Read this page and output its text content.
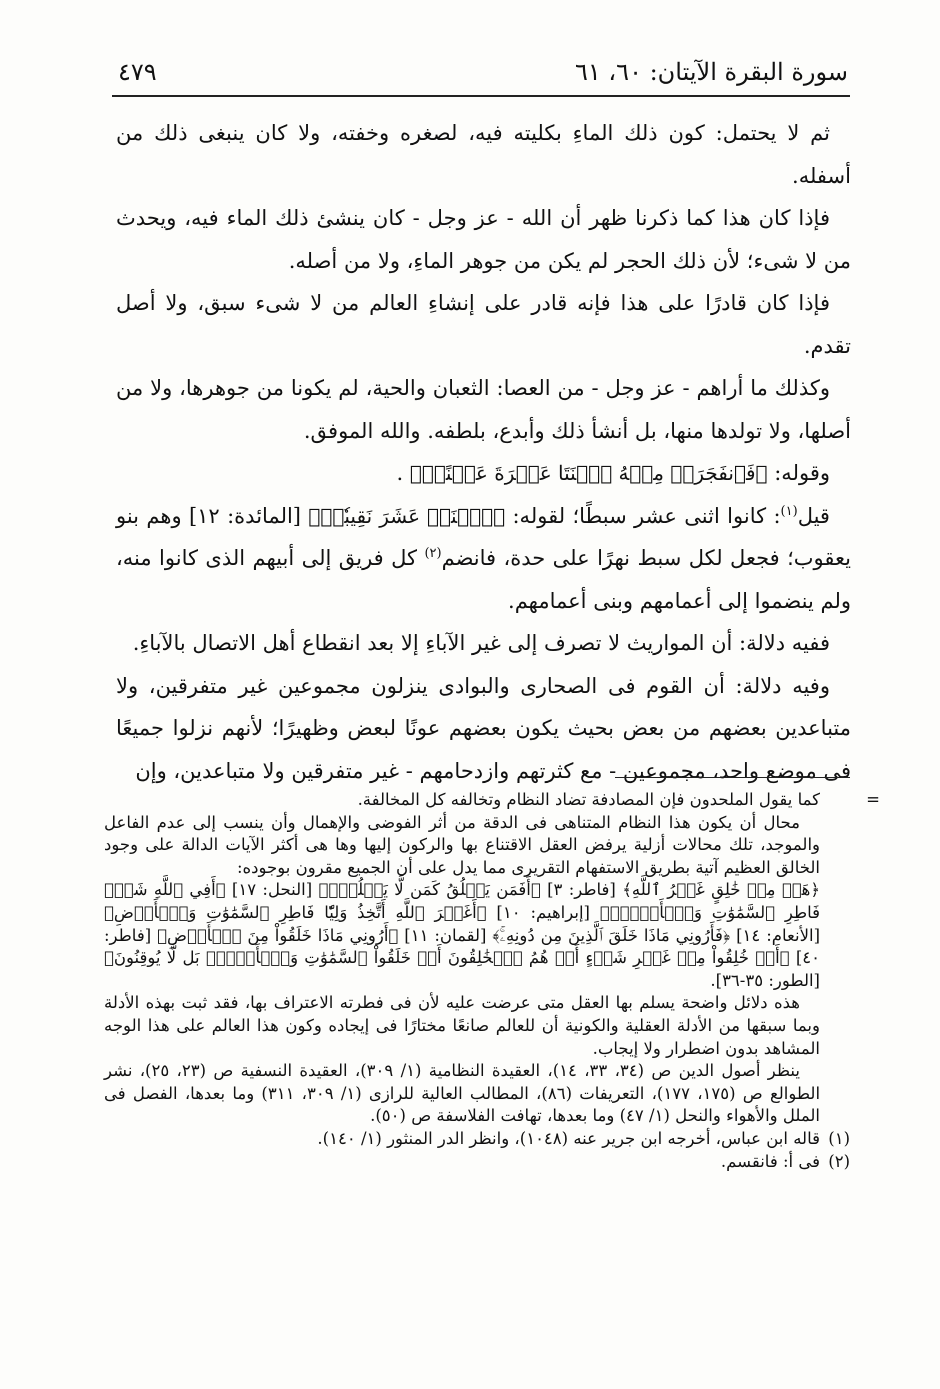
سورة البقرة الآيتان: ٦٠، ٦١
٤٧٩

ثم لا يحتمل: كون ذلك الماءِ بكليته فيه، لصغره وخفته، ولا كان ينبغى ذلك من أسفله.

فإذا كان هذا كما ذكرنا ظهر أن الله - عز وجل - كان ينشئ ذلك الماء فيه، ويحدث من لا شىء؛ لأن ذلك الحجر لم يكن من جوهر الماءِ، ولا من أصله.

فإذا كان قادرًا على هذا فإنه قادر على إنشاءِ العالم من لا شىء سبق، ولا أصل تقدم.

وكذلك ما أراهم - عز وجل - من العصا: الثعبان والحية، لم يكونا من جوهرها، ولا من أصلها، ولا تولدها منها، بل أنشأ ذلك وأبدع، بلطفه. والله الموفق.

وقوله: ﴿فَٱنفَجَرَتۡ مِنۡهُ ٱثۡنَتَا عَشۡرَةَ عَيۡنًاۖ﴾ .

قيل$^{(١)}$: كانوا اثنى عشر سبطًا؛ لقوله: ﴿ٱثۡنَيۡ عَشَرَ نَقِيبٗاۖ﴾ [المائدة: ١٢] وهم بنو يعقوب؛ فجعل لكل سبط نهرًا على حدة، فانضم$^{(٢)}$ كل فريق إلى أبيهم الذى كانوا منه، ولم ينضموا إلى أعمامهم وبنى أعمامهم.

ففيه دلالة: أن المواريث لا تصرف إلى غير الآباءِ إلا بعد انقطاع أهل الاتصال بالآباءِ.

وفيه دلالة: أن القوم فى الصحارى والبوادى ينزلون مجموعين غير متفرقين، ولا متباعدين بعضهم من بعض بحيث يكون بعضهم عونًا لبعض وظهيرًا؛ لأنهم نزلوا جميعًا فى موضع واحد، مجموعين - مع كثرتهم وازدحامهم - غير متفرقين ولا متباعدين، وإن

=
كما يقول الملحدون فإن المصادفة تضاد النظام وتخالفه كل المخالفة.

محال أن يكون هذا النظام المتناهى فى الدقة من أثر الفوضى والإهمال وأن ينسب إلى عدم الفاعل والموجد، تلك محالات أزلية يرفض العقل الاقتناع بها والركون إليها وها هى أكثر الآيات الدالة على وجود الخالق العظيم آتية بطريق الاستفهام التقريرى مما يدل على أن الجميع مقرون بوجوده:

﴿هَلۡ مِنۡ خَٰلِقٍ غَيۡرُ ٱللَّهِ﴾ [فاطر: ٣] ﴿أَفَمَن يَخۡلُقُ كَمَن لَّا يَخۡلُقُۚ﴾ [النحل: ١٧] ﴿أَفِي ٱللَّهِ شَكّٞ فَاطِرِ ٱلسَّمَٰوَٰتِ وَٱلۡأَرۡضِۖ﴾ [إبراهيم: ١٠] ﴿أَغَيۡرَ ٱللَّهِ أَتَّخِذُ وَلِيّٗا فَاطِرِ ٱلسَّمَٰوَٰتِ وَٱلۡأَرۡضِ﴾ [الأنعام: ١٤] ﴿فَأَرُونِي مَاذَا خَلَقَ ٱلَّذِينَ مِن دُونِهِۦۚ﴾ [لقمان: ١١] ﴿أَرُونِي مَاذَا خَلَقُواْ مِنَ ٱلۡأَرۡضِ﴾ [فاطر: ٤٠] ﴿أَمۡ خُلِقُواْ مِنۡ غَيۡرِ شَيۡءٍ أَمۡ هُمُ ٱلۡخَٰلِقُونَ أَمۡ خَلَقُواْ ٱلسَّمَٰوَٰتِ وَٱلۡأَرۡضَۚ بَل لَّا يُوقِنُونَ﴾ [الطور: ٣٥-٣٦].

هذه دلائل واضحة يسلم بها العقل متى عرضت عليه لأن فى فطرته الاعتراف بها، فقد ثبت بهذه الأدلة وبما سبقها من الأدلة العقلية والكونية أن للعالم صانعًا مختارًا فى إيجاده وكون هذا العالم على هذا الوجه المشاهد بدون اضطرار ولا إيجاب.

ينظر أصول الدين ص (٣٤، ٣٣، ١٤)، العقيدة النظامية (١/ ٣٠٩)، العقيدة النسفية ص (٢٣، ٢٥)، نشر الطوالع ص (١٧٥، ١٧٧)، التعريفات (٨٦)، المطالب العالية للرازى (١/ ٣٠٩، ٣١١) وما بعدها، الفصل فى الملل والأهواء والنحل (١/ ٤٧) وما بعدها، تهافت الفلاسفة ص (٥٠).

(١)
قاله ابن عباس، أخرجه ابن جرير عنه (١٠٤٨)، وانظر الدر المنثور (١/ ١٤٠).

(٢)
فى أ: فانقسم.
